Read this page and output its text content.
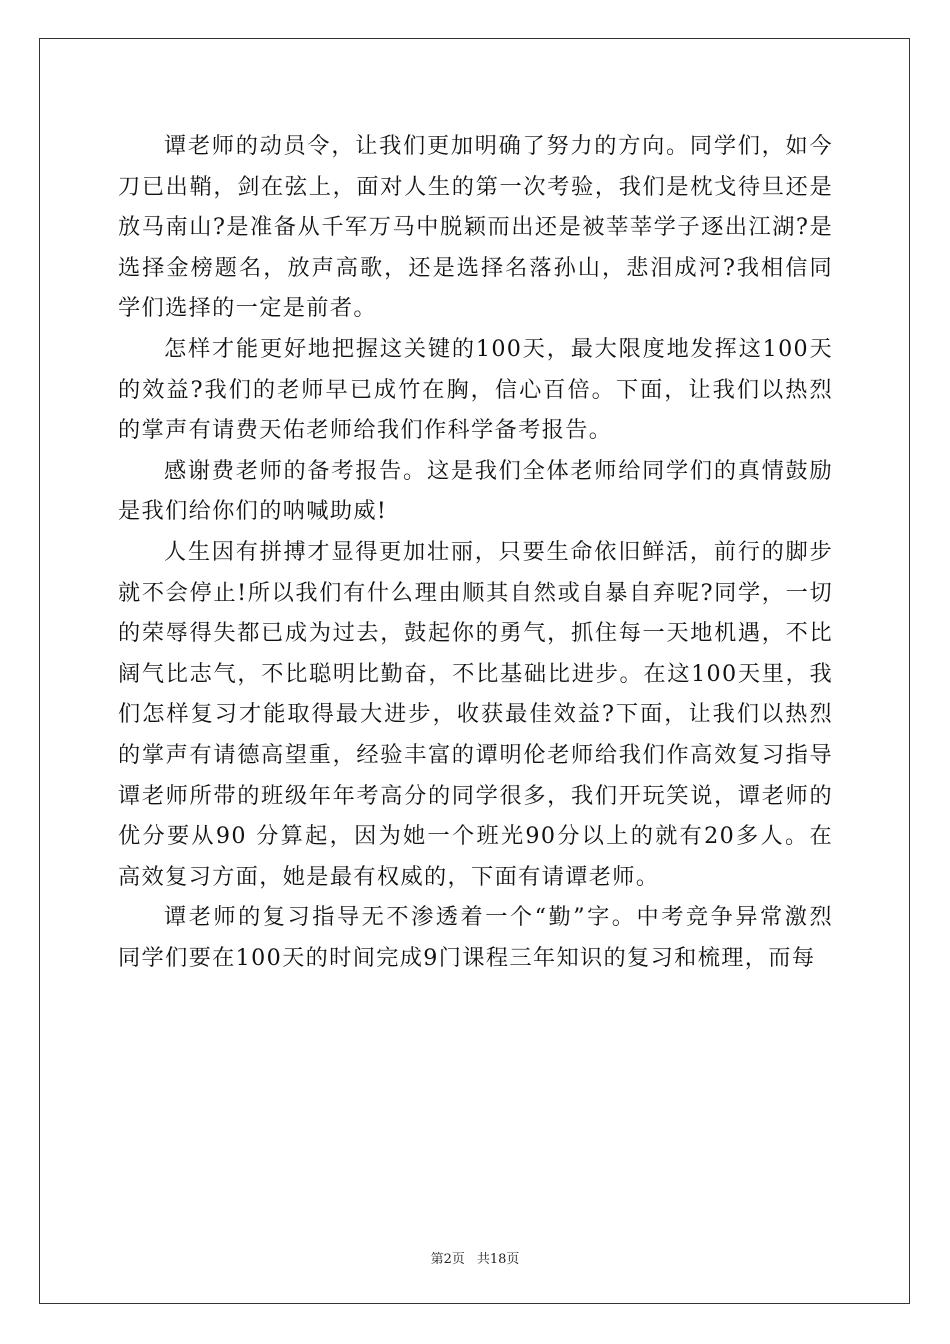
谭老师的动员令，让我们更加明确了努力的方向。同学们，如今
刀已出鞘，剑在弦上，面对人生的第一次考验，我们是枕戈待旦还是
放马南山?是准备从千军万马中脱颖而出还是被莘莘学子逐出江湖?是
选择金榜题名，放声高歌，还是选择名落孙山，悲泪成河?我相信同
学们选择的一定是前者。
怎样才能更好地把握这关键的100天，最大限度地发挥这100天
的效益?我们的老师早已成竹在胸，信心百倍。下面，让我们以热烈
的掌声有请费天佑老师给我们作科学备考报告。
感谢费老师的备考报告。这是我们全体老师给同学们的真情鼓励
是我们给你们的呐喊助威!
人生因有拼搏才显得更加壮丽，只要生命依旧鲜活，前行的脚步
就不会停止!所以我们有什么理由顺其自然或自暴自弃呢?同学，一切
的荣辱得失都已成为过去，鼓起你的勇气，抓住每一天地机遇，不比
阔气比志气，不比聪明比勤奋，不比基础比进步。在这100天里，我
们怎样复习才能取得最大进步，收获最佳效益?下面，让我们以热烈
的掌声有请德高望重，经验丰富的谭明伦老师给我们作高效复习指导
谭老师所带的班级年年考高分的同学很多，我们开玩笑说，谭老师的
优分要从90 分算起，因为她一个班光90分以上的就有20多人。在
高效复习方面，她是最有权威的，下面有请谭老师。
谭老师的复习指导无不渗透着一个“勤”字。中考竞争异常激烈
同学们要在100天的时间完成9门课程三年知识的复习和梳理，而每
第2页 共18页
